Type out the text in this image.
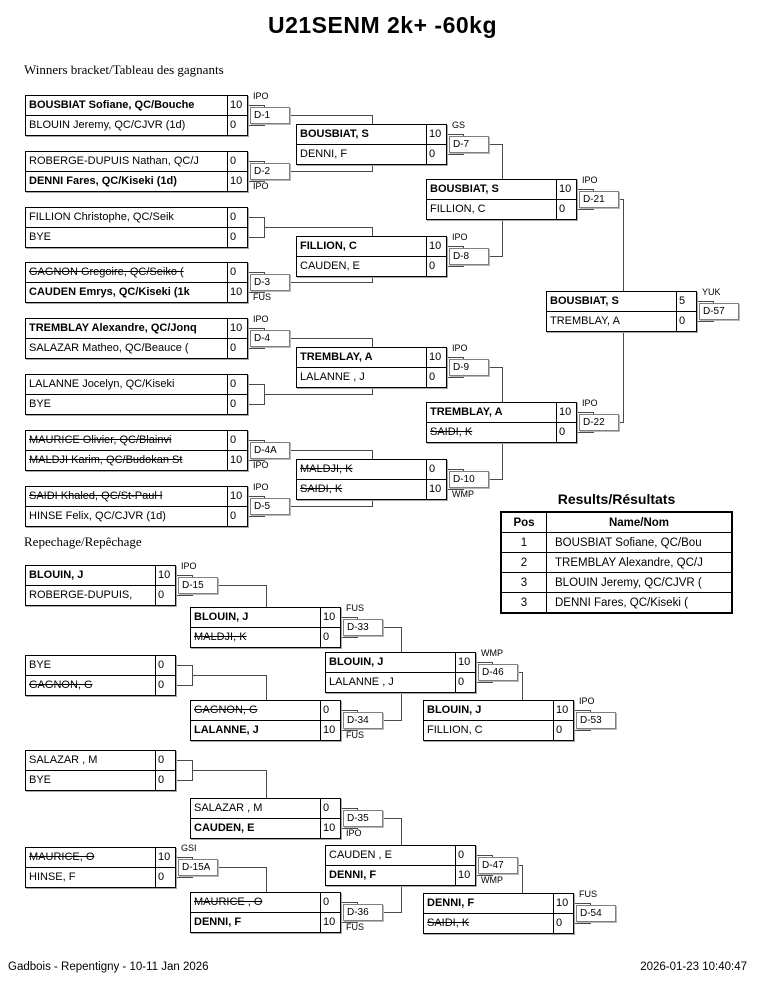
U21SENM 2k+ -60kg
Winners bracket/Tableau des gagnants
Repechage/Repêchage
BOUSBIAT Sofiane, QC/Bouche	10
BLOUIN Jeremy, QC/CJVR (1d)	0
D-1
IPO
ROBERGE-DUPUIS Nathan, QC/J	0
DENNI Fares, QC/Kiseki (1d)	10
D-2
IPO
FILLION Christophe, QC/Seik	0
BYE	0
GAGNON Gregoire, QC/Seiko (	0
CAUDEN Emrys, QC/Kiseki (1k	10
D-3
FUS
TREMBLAY Alexandre, QC/Jonq	10
SALAZAR Matheo, QC/Beauce (	0
D-4
IPO
LALANNE Jocelyn, QC/Kiseki	0
BYE	0
MAURICE Olivier, QC/Blainvi	0
MALDJI Karim, QC/Budokan St	10
D-4A
IPO
SAIDI Khaled, QC/St-Paul l	10
HINSE Felix, QC/CJVR (1d)	0
D-5
IPO
BOUSBIAT, S	10
DENNI, F	0
D-7
GS
FILLION, C	10
CAUDEN, E	0
D-8
IPO
TREMBLAY, A	10
LALANNE , J	0
D-9
IPO
MALDJI, K	0
SAIDI, K	10
D-10
WMP
BOUSBIAT, S	10
FILLION, C	0
D-21
IPO
TREMBLAY, A	10
SAIDI, K	0
D-22
IPO
BOUSBIAT, S	5
TREMBLAY, A	0
D-57
YUK
BLOUIN, J	10
ROBERGE-DUPUIS,	0
D-15
IPO
BYE	0
GAGNON, G	0
SALAZAR , M	0
BYE	0
MAURICE, O	10
HINSE, F	0
D-15A
GSI
BLOUIN, J	10
MALDJI, K	0
D-33
FUS
GAGNON, G	0
LALANNE, J	10
D-34
FUS
SALAZAR , M	0
CAUDEN, E	10
D-35
IPO
MAURICE , O	0
DENNI, F	10
D-36
FUS
BLOUIN, J	10
LALANNE , J	0
D-46
WMP
CAUDEN , E	0
DENNI, F	10
D-47
WMP
BLOUIN, J	10
FILLION, C	0
D-53
IPO
DENNI, F	10
SAIDI, K	0
D-54
FUS
Results/Résultats
Pos	Name/Nom
1	BOUSBIAT Sofiane, QC/Bou
2	TREMBLAY Alexandre, QC/J
3	BLOUIN Jeremy, QC/CJVR (
3	DENNI Fares, QC/Kiseki (
Gadbois - Repentigny - 10-11 Jan 2026	2026-01-23 10:40:47
